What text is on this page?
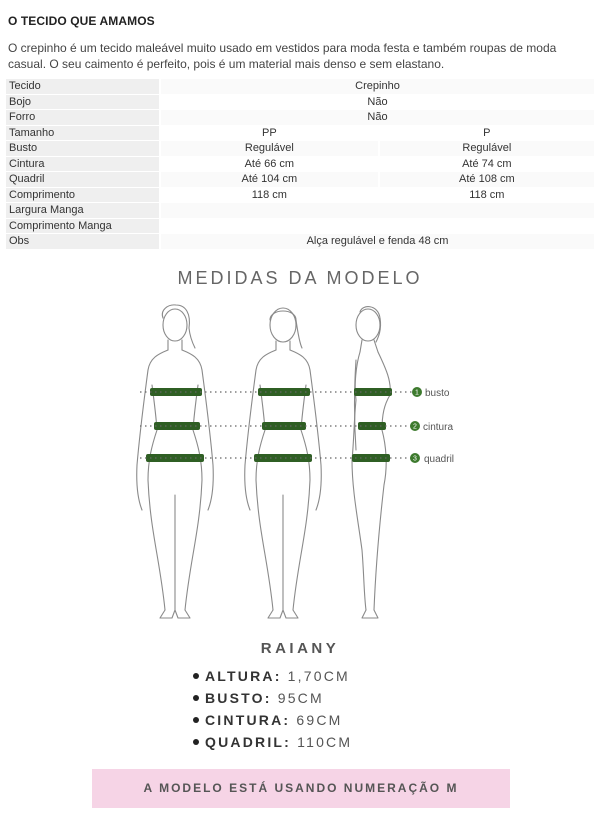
O TECIDO QUE AMAMOS
O crepinho é um tecido maleável muito usado em vestidos para moda festa e também roupas de moda casual. O seu caimento é perfeito, pois é um material mais denso e sem elastano.
Tecido	Crepinho	
Bojo	Não	
Forro	Não	
Tamanho	PP	P
Busto	Regulável	Regulável
Cintura	Até 66 cm	Até 74 cm
Quadril	Até 104 cm	Até 108 cm
Comprimento	118 cm	118 cm
Largura Manga		
Comprimento Manga		
Obs	Alça regulável e fenda 48 cm	
MEDIDAS DA MODELO
1 busto
2 cintura
3 quadril
RAIANY
ALTURA: 1,70CM
BUSTO: 95CM
CINTURA: 69CM
QUADRIL: 110CM
A MODELO ESTÁ USANDO NUMERAÇÃO M
